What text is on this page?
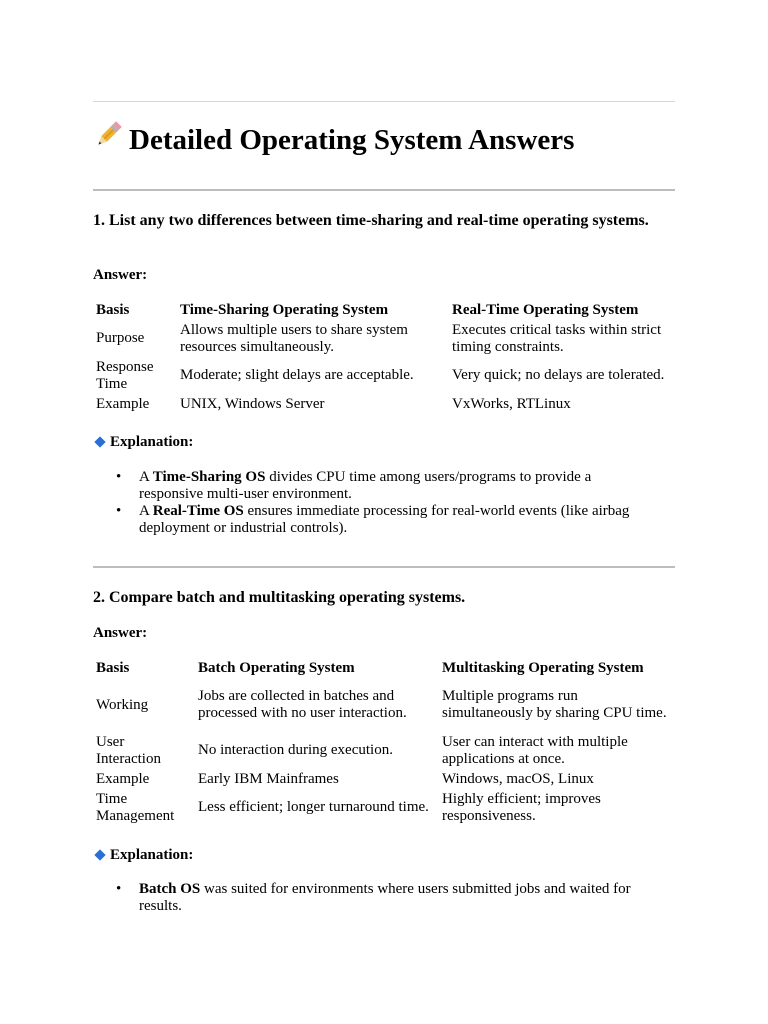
Detailed Operating System Answers
1. List any two differences between time-sharing and real-time operating systems.
Answer:
Basis	Time-Sharing Operating System	Real-Time Operating System
Purpose	Allows multiple users to share system resources simultaneously.	Executes critical tasks within strict timing constraints.
Response Time	Moderate; slight delays are acceptable.	Very quick; no delays are tolerated.
Example	UNIX, Windows Server	VxWorks, RTLinux
Explanation:
• A Time-Sharing OS divides CPU time among users/programs to provide a responsive multi-user environment.
• A Real-Time OS ensures immediate processing for real-world events (like airbag deployment or industrial controls).
2. Compare batch and multitasking operating systems.
Answer:
Basis	Batch Operating System	Multitasking Operating System
Working	Jobs are collected in batches and processed with no user interaction.	Multiple programs run simultaneously by sharing CPU time.
User Interaction	No interaction during execution.	User can interact with multiple applications at once.
Example	Early IBM Mainframes	Windows, macOS, Linux
Time Management	Less efficient; longer turnaround time.	Highly efficient; improves responsiveness.
Explanation:
• Batch OS was suited for environments where users submitted jobs and waited for results.
